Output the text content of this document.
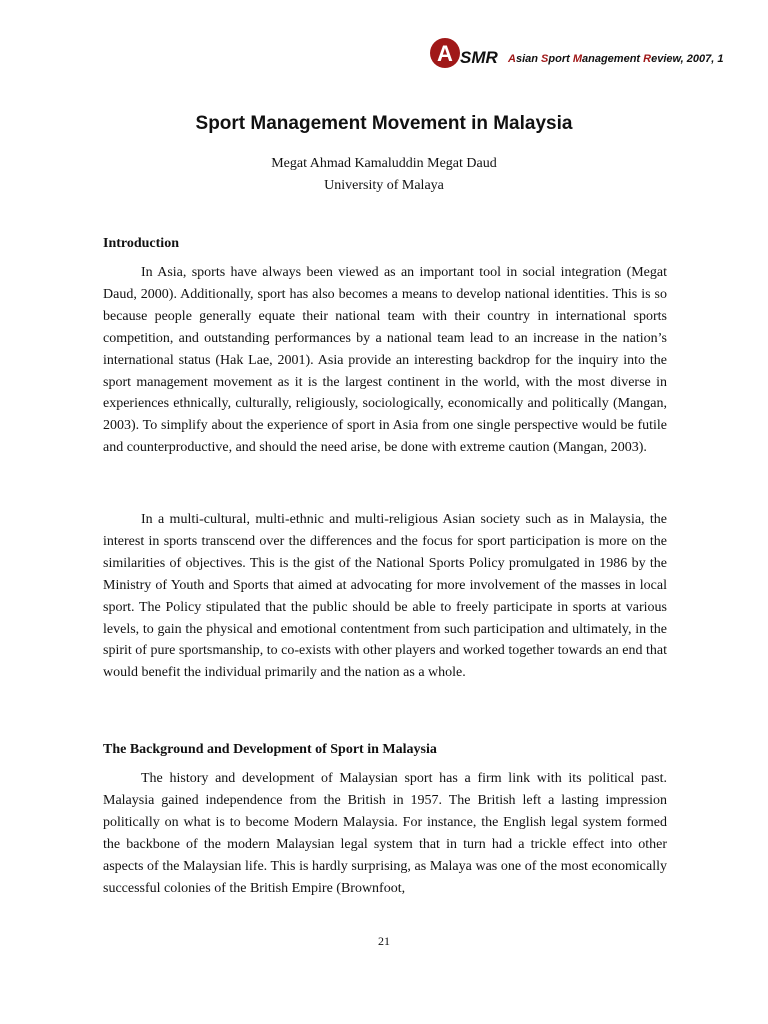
A SMR Asian Sport Management Review, 2007, 1
Sport Management Movement in Malaysia
Megat Ahmad Kamaluddin Megat Daud
University of Malaya
Introduction

In Asia, sports have always been viewed as an important tool in social integration (Megat Daud, 2000). Additionally, sport has also becomes a means to develop national identities. This is so because people generally equate their national team with their country in international sports competition, and outstanding performances by a national team lead to an increase in the nation’s international status (Hak Lae, 2001). Asia provide an interesting backdrop for the inquiry into the sport management movement as it is the largest continent in the world, with the most diverse in experiences ethnically, culturally, religiously, sociologically, economically and politically (Mangan, 2003). To simplify about the experience of sport in Asia from one single perspective would be futile and counterproductive, and should the need arise, be done with extreme caution (Mangan, 2003).

In a multi-cultural, multi-ethnic and multi-religious Asian society such as in Malaysia, the interest in sports transcend over the differences and the focus for sport participation is more on the similarities of objectives. This is the gist of the National Sports Policy promulgated in 1986 by the Ministry of Youth and Sports that aimed at advocating for more involvement of the masses in local sport. The Policy stipulated that the public should be able to freely participate in sports at various levels, to gain the physical and emotional contentment from such participation and ultimately, in the spirit of pure sportsmanship, to co-exists with other players and worked together towards an end that would benefit the individual primarily and the nation as a whole.

The Background and Development of Sport in Malaysia

The history and development of Malaysian sport has a firm link with its political past. Malaysia gained independence from the British in 1957. The British left a lasting impression politically on what is to become Modern Malaysia. For instance, the English legal system formed the backbone of the modern Malaysian legal system that in turn had a trickle effect into other aspects of the Malaysian life. This is hardly surprising, as Malaya was one of the most economically successful colonies of the British Empire (Brownfoot,

21
